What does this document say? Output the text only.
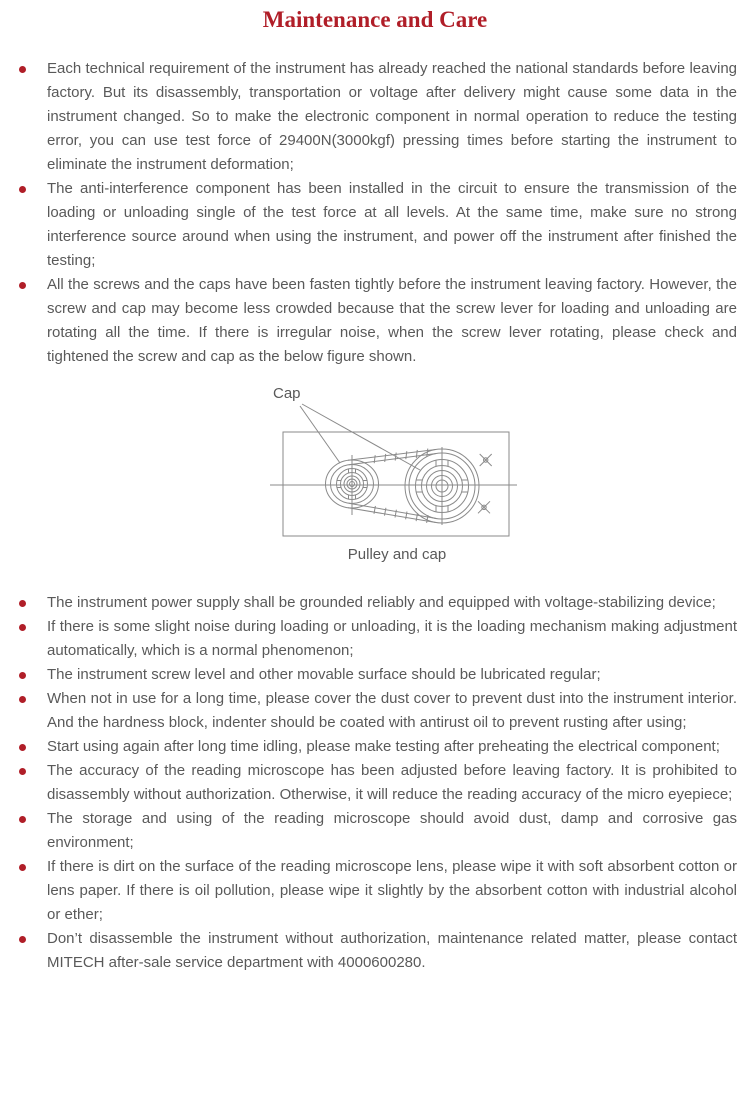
Maintenance and Care
Each technical requirement of the instrument has already reached the national standards before leaving factory. But its disassembly, transportation or voltage after delivery might cause some data in the instrument changed. So to make the electronic component in normal operation to reduce the testing error, you can use test force of 29400N(3000kgf) pressing times before starting the instrument to eliminate the instrument deformation;
The anti-interference component has been installed in the circuit to ensure the transmission of the loading or unloading single of the test force at all levels. At the same time, make sure no strong interference source around when using the instrument, and power off the instrument after finished the testing;
All the screws and the caps have been fasten tightly before the instrument leaving factory. However, the screw and cap may become less crowded because that the screw lever for loading and unloading are rotating all the time. If there is irregular noise, when the screw lever rotating, please check and tightened the screw and cap as the below figure shown.
Cap
Pulley and cap
The instrument power supply shall be grounded reliably and equipped with voltage-stabilizing device;
If there is some slight noise during loading or unloading, it is the loading mechanism making adjustment automatically, which is a normal phenomenon;
The instrument screw level and other movable surface should be lubricated regular;
When not in use for a long time, please cover the dust cover to prevent dust into the instrument interior. And the hardness block, indenter should be coated with antirust oil to prevent rusting after using;
Start using again after long time idling, please make testing after preheating the electrical component;
The accuracy of the reading microscope has been adjusted before leaving factory. It is prohibited to disassembly without authorization. Otherwise, it will reduce the reading accuracy of the micro eyepiece;
The storage and using of the reading microscope should avoid dust, damp and corrosive gas environment;
If there is dirt on the surface of the reading microscope lens, please wipe it with soft absorbent cotton or lens paper. If there is oil pollution, please wipe it slightly by the absorbent cotton with industrial alcohol or ether;
Don’t disassemble the instrument without authorization, maintenance related matter, please contact MITECH after-sale service department with 4000600280.
